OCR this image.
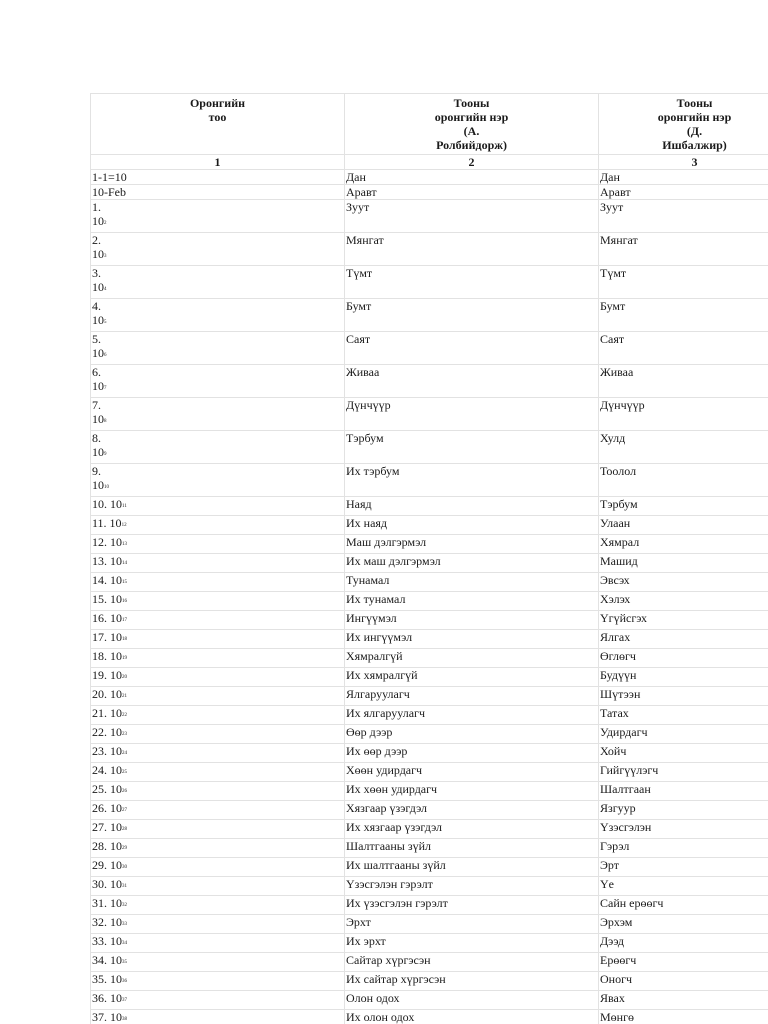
Оронгийн
тоо	Тооны
оронгийн нэр
(А.
Ролбийдорж)	Тооны
оронгийн нэр
(Д.
Ишбалжир)

1	2	3
1-1=10	Дан	Дан
10-Feb	Аравт	Аравт

1.
102	Зуут	Зуут

2.
103	Мянгат	Мянгат

3.
104	Түмт	Түмт

4.
105	Бумт	Бумт

5.
106	Саят	Саят

6.
107	Живаа	Живаа

7.
108	Дүнчүүр	Дүнчүүр

8.
109	Тэрбум	Хулд

9.
1010	Их тэрбум	Тоолол
10. 1011	Наяд	Тэрбум
11. 1012	Их наяд	Улаан
12. 1013	Маш дэлгэрмэл	Хямрал
13. 1014	Их маш дэлгэрмэл	Машид
14. 1015	Тунамал	Эвсэх
15. 1016	Их тунамал	Хэлэх
16. 1017	Ингүүмэл	Үгүйсгэх
17. 1018	Их ингүүмэл	Ялгах
18. 1019	Хямралгүй	Өглөгч
19. 1020	Их хямралгүй	Будүүн
20. 1021	Ялгаруулагч	Шүтээн
21. 1022	Их ялгаруулагч	Татах
22. 1023	Өөр дээр	Удирдагч
23. 1024	Их өөр дээр	Хойч
24. 1025	Хөөн удирдагч	Гийгүүлэгч
25. 1026	Их хөөн удирдагч	Шалтгаан
26. 1027	Хязгаар үзэгдэл	Язгуур
27. 1028	Их хязгаар үзэгдэл	Үзэсгэлэн
28. 1029	Шалтгааны зүйл	Гэрэл
29. 1030	Их шалтгааны зүйл	Эрт
30. 1031	Үзэсгэлэн гэрэлт	Үе
31. 1032	Их үзэсгэлэн гэрэлт	Сайн ерөөгч
32. 1033	Эрхт	Эрхэм
33. 1034	Их эрхт	Дээд
34. 1035	Сайтар хүргэсэн	Ерөөгч
35. 1036	Их сайтар хүргэсэн	Оногч
36. 1037	Олон одох	Явах
37. 1038	Их олон одох	Мөнгө
